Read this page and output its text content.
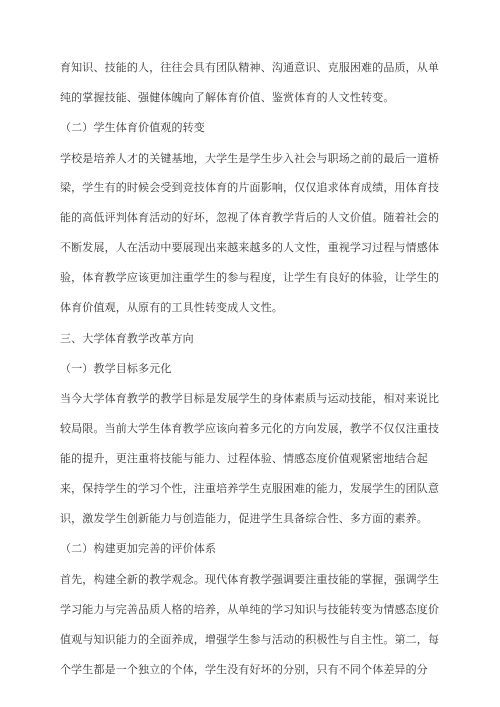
育知识、技能的人，往往会具有团队精神、沟通意识、克服困难的品质，从单
纯的掌握技能、强健体魄向了解体育价值、鉴赏体育的人文性转变。
（二）学生体育价值观的转变
学校是培养人才的关键基地，大学生是学生步入社会与职场之前的最后一道桥
梁，学生有的时候会受到竞技体育的片面影响，仅仅追求体育成绩，用体育技
能的高低评判体育活动的好坏，忽视了体育教学背后的人文价值。随着社会的
不断发展，人在活动中要展现出来越来越多的人文性，重视学习过程与情感体
验，体育教学应该更加注重学生的参与程度，让学生有良好的体验，让学生的
体育价值观，从原有的工具性转变成人文性。
三、大学体育教学改革方向
（一）教学目标多元化
当今大学体育教学的教学目标是发展学生的身体素质与运动技能，相对来说比
较局限。当前大学生体育教学应该向着多元化的方向发展，教学不仅仅注重技
能的提升，更注重将技能与能力、过程体验、情感态度价值观紧密地结合起
来，保持学生的学习个性，注重培养学生克服困难的能力，发展学生的团队意
识，激发学生创新能力与创造能力，促进学生具备综合性、多方面的素养。
（二）构建更加完善的评价体系
首先，构建全新的教学观念。现代体育教学强调要注重技能的掌握，强调学生
学习能力与完善品质人格的培养，从单纯的学习知识与技能转变为情感态度价
值观与知识能力的全面养成，增强学生参与活动的积极性与自主性。第二，每
个学生都是一个独立的个体，学生没有好坏的分别，只有不同个体差异的分
